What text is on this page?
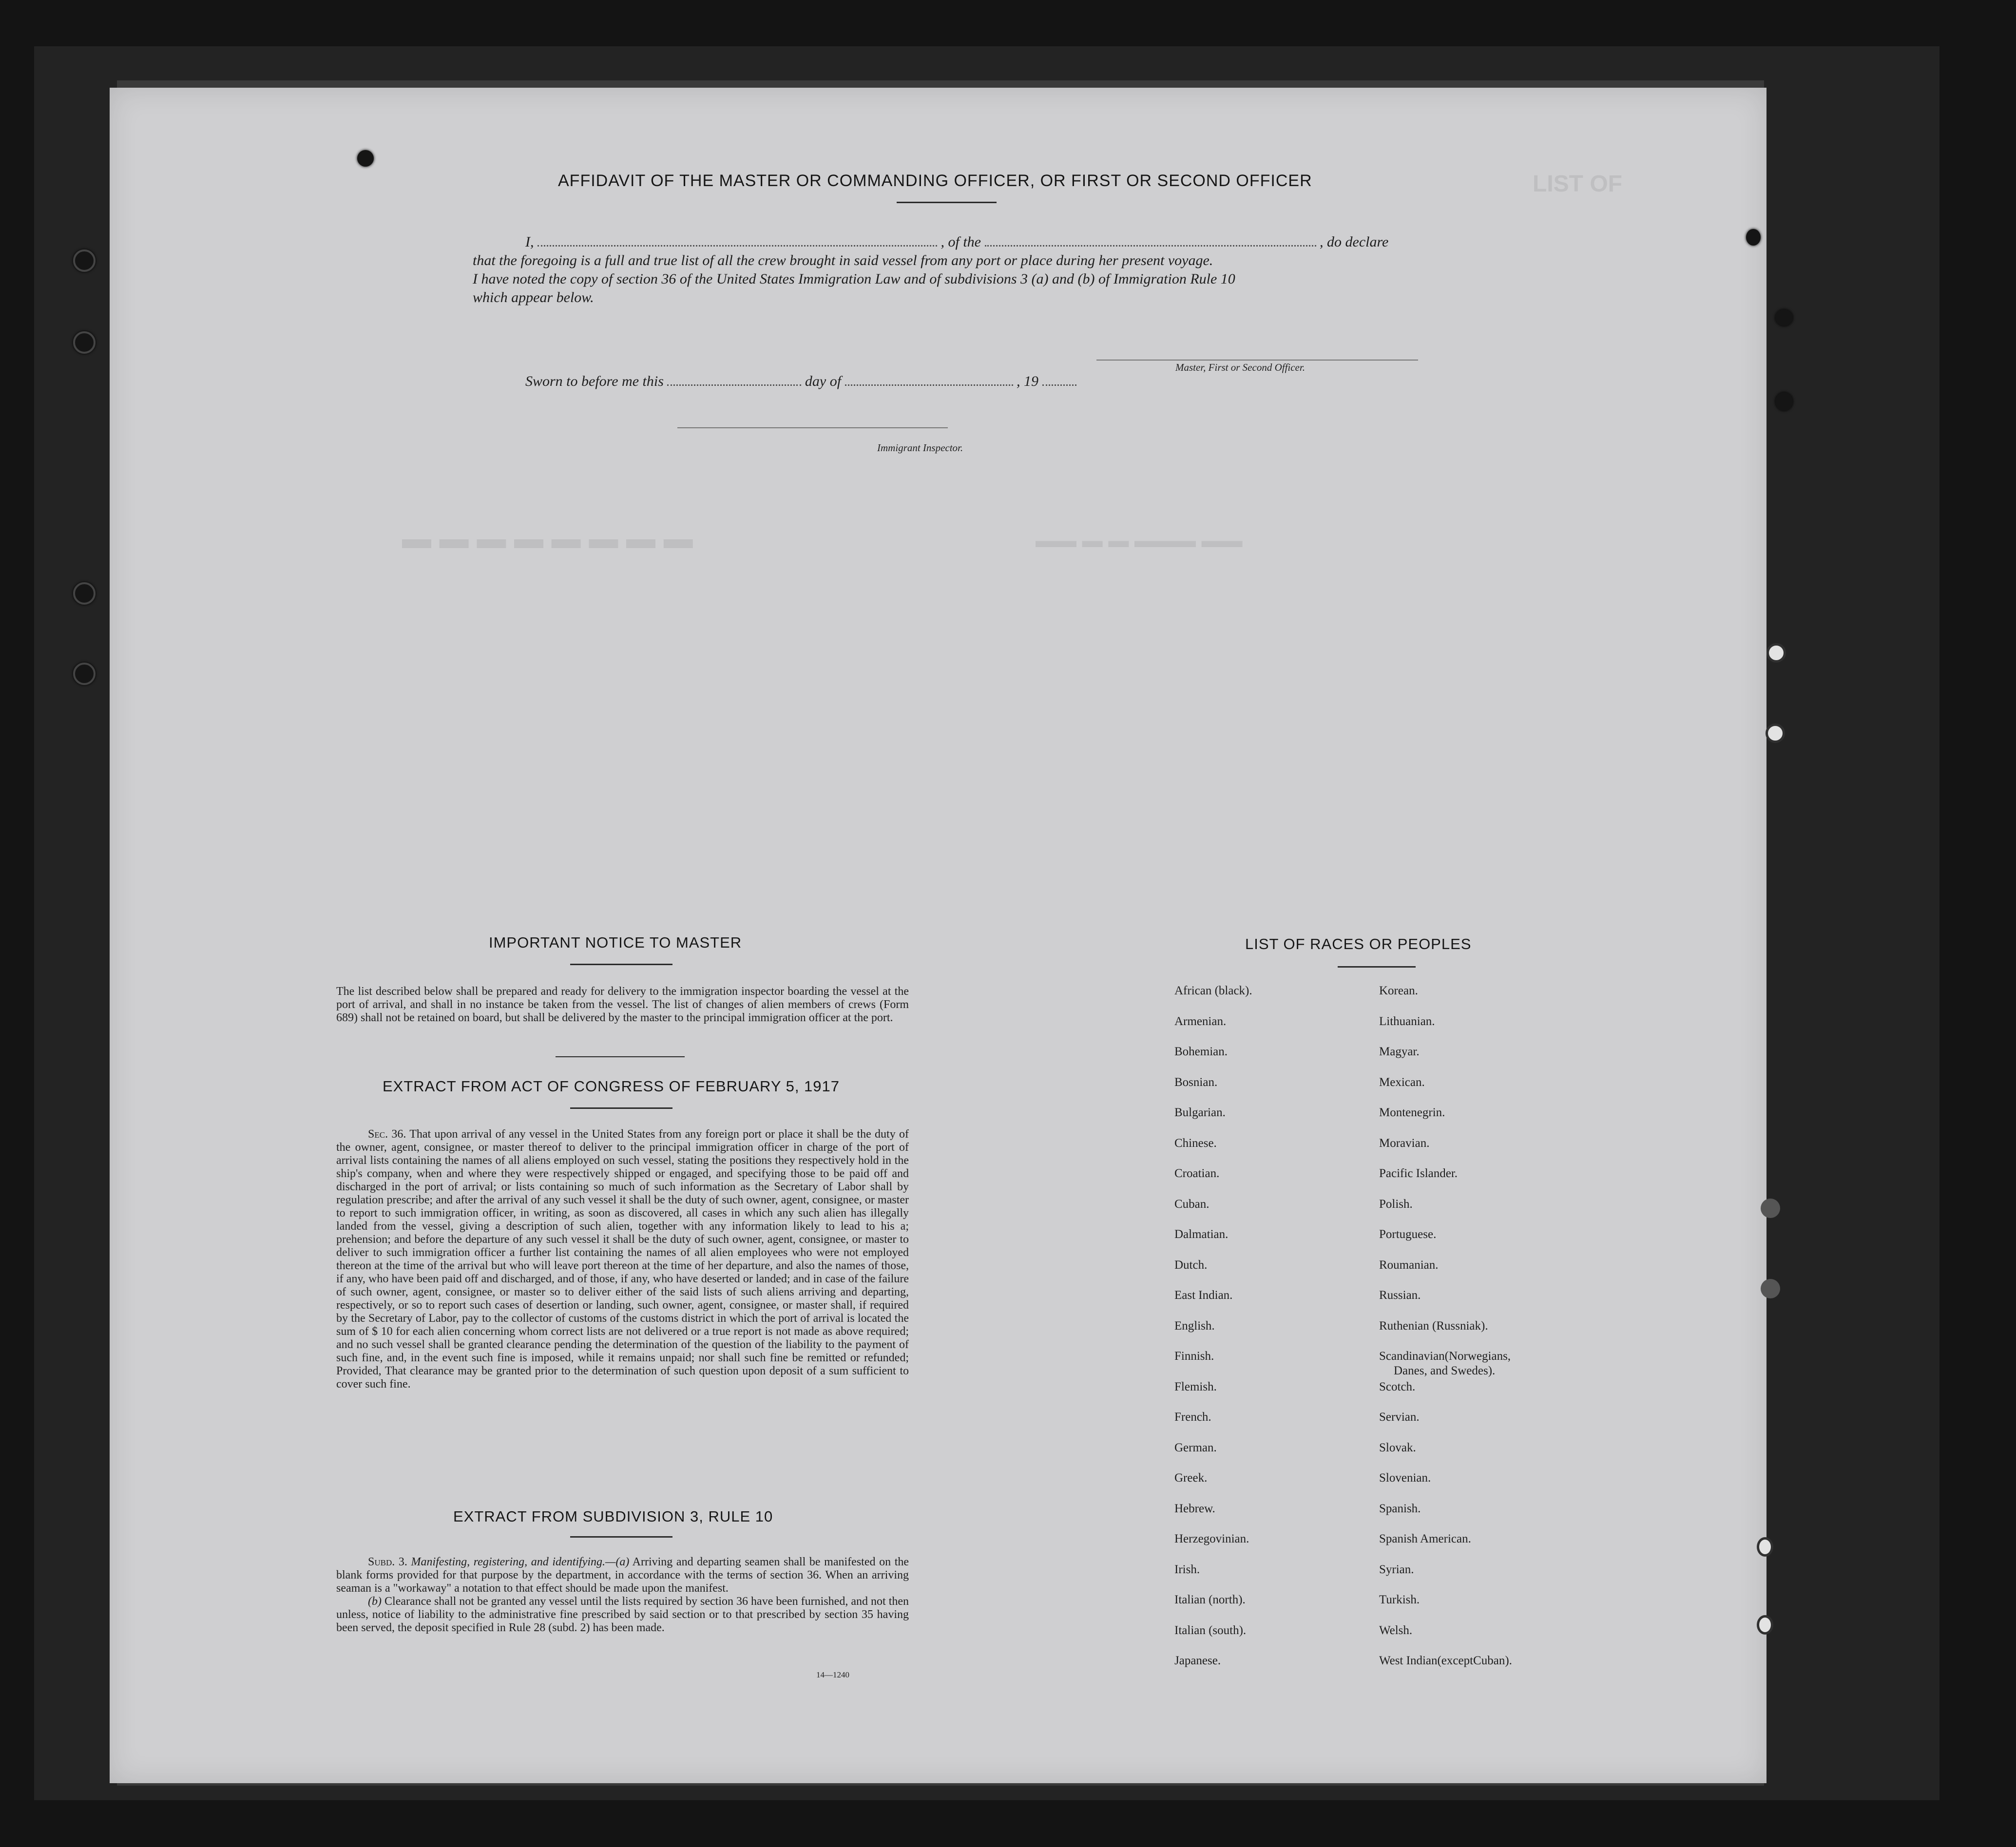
LIST OF
▬ ▬ ▬ ▬ ▬ ▬ ▬ ▬	▬▬ ▬ ▬ ▬▬▬ ▬▬
AFFIDAVIT OF THE MASTER OR COMMANDING OFFICER, OR FIRST OR SECOND OFFICER
I,	, of the	, do declare
that the foregoing is a full and true list of all the crew brought in said vessel from any port or place during her present voyage.
I have noted the copy of section 36 of the United States Immigration Law and of subdivisions 3 (a) and (b) of Immigration Rule 10
which appear below.
Master, First or Second Officer.
Sworn to before me this	day of	, 19
Immigrant Inspector.
IMPORTANT NOTICE TO MASTER
The list described below shall be prepared and ready for delivery to the immigration inspector boarding the vessel at the port of arrival, and shall in no instance be taken from the vessel. The list of changes of alien members of crews (Form 689) shall not be retained on board, but shall be delivered by the master to the principal immigration officer at the port.
EXTRACT FROM ACT OF CONGRESS OF FEBRUARY 5, 1917
Sec. 36. That upon arrival of any vessel in the United States from any foreign port or place it shall be the duty of the owner, agent, consignee, or master thereof to deliver to the principal immigration officer in charge of the port of arrival lists containing the names of all aliens employed on such vessel, stating the positions they respectively hold in the ship's company, when and where they were respectively shipped or engaged, and specifying those to be paid off and discharged in the port of arrival; or lists containing so much of such information as the Secretary of Labor shall by regulation prescribe; and after the arrival of any such vessel it shall be the duty of such owner, agent, consignee, or master to report to such immigration officer, in writing, as soon as discovered, all cases in which any such alien has illegally landed from the vessel, giving a description of such alien, together with any information likely to lead to his a; prehension; and before the departure of any such vessel it shall be the duty of such owner, agent, consignee, or master to deliver to such immigration officer a further list containing the names of all alien employees who were not employed thereon at the time of the arrival but who will leave port thereon at the time of her departure, and also the names of those, if any, who have been paid off and discharged, and of those, if any, who have deserted or landed; and in case of the failure of such owner, agent, consignee, or master so to deliver either of the said lists of such aliens arriving and departing, respectively, or so to report such cases of desertion or landing, such owner, agent, consignee, or master shall, if required by the Secretary of Labor, pay to the collector of customs of the customs district in which the port of arrival is located the sum of $ 10 for each alien concerning whom correct lists are not delivered or a true report is not made as above required; and no such vessel shall be granted clearance pending the determination of the question of the liability to the payment of such fine, and, in the event such fine is imposed, while it remains unpaid; nor shall such fine be remitted or refunded; Provided, That clearance may be granted prior to the determination of such question upon deposit of a sum sufficient to cover such fine.
EXTRACT FROM SUBDIVISION 3, RULE 10
Subd. 3. Manifesting, registering, and identifying.—(a) Arriving and departing seamen shall be manifested on the blank forms provided for that purpose by the department, in accordance with the terms of section 36. When an arriving seaman is a "workaway" a notation to that effect should be made upon the manifest.
(b) Clearance shall not be granted any vessel until the lists required by section 36 have been furnished, and not then unless, notice of liability to the administrative fine prescribed by said section or to that prescribed by section 35 having been served, the deposit specified in Rule 28 (subd. 2) has been made.
14—1240
LIST OF RACES OR PEOPLES
African (black).
Armenian.
Bohemian.
Bosnian.
Bulgarian.
Chinese.
Croatian.
Cuban.
Dalmatian.
Dutch.
East Indian.
English.
Finnish.
Flemish.
French.
German.
Greek.
Hebrew.
Herzegovinian.
Irish.
Italian (north).
Italian (south).
Japanese.
Korean.
Lithuanian.
Magyar.
Mexican.
Montenegrin.
Moravian.
Pacific Islander.
Polish.
Portuguese.
Roumanian.
Russian.
Ruthenian (Russniak).
Scandinavian(Norwegians,
Danes, and Swedes).
Scotch.
Servian.
Slovak.
Slovenian.
Spanish.
Spanish American.
Syrian.
Turkish.
Welsh.
West Indian(exceptCuban).
